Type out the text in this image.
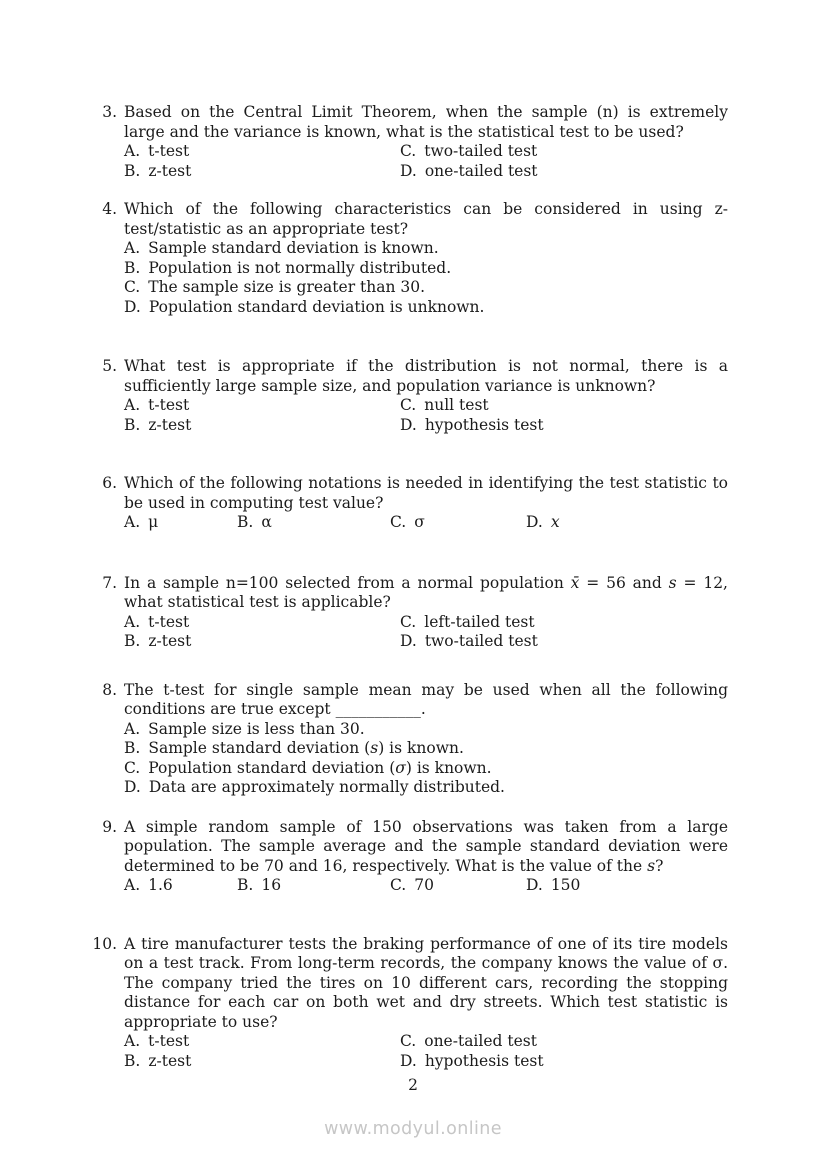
3. Based on the Central Limit Theorem, when the sample (n) is extremely large and the variance is known, what is the statistical test to be used?

A. t-test	C. two-tailed test
B. z-test	D. one-tailed test
4. Which of the following characteristics can be considered in using z-test/statistic as an appropriate test?

A. Sample standard deviation is known.
B. Population is not normally distributed.
C. The sample size is greater than 30.
D. Population standard deviation is unknown.
5. What test is appropriate if the distribution is not normal, there is a sufficiently large sample size, and population variance is unknown?

A. t-test	C. null test
B. z-test	D. hypothesis test
6. Which of the following notations is needed in identifying the test statistic to be used in computing test value?

A. μ	B. α	C. σ	D. x
7. In a sample n=100 selected from a normal population x̄ = 56 and s = 12, what statistical test is applicable?

A. t-test	C. left-tailed test
B. z-test	D. two-tailed test
8. The t-test for single sample mean may be used when all the following conditions are true except ___________.

A. Sample size is less than 30.
B. Sample standard deviation (s) is known.
C. Population standard deviation (σ) is known.
D. Data are approximately normally distributed.
9. A simple random sample of 150 observations was taken from a large population. The sample average and the sample standard deviation were determined to be 70 and 16, respectively. What is the value of the s?

A. 1.6	B. 16	C. 70	D. 150
10. A tire manufacturer tests the braking performance of one of its tire models on a test track. From long-term records, the company knows the value of σ. The company tried the tires on 10 different cars, recording the stopping distance for each car on both wet and dry streets. Which test statistic is appropriate to use?

A. t-test	C. one-tailed test
B. z-test	D. hypothesis test
2
www.modyul.online
